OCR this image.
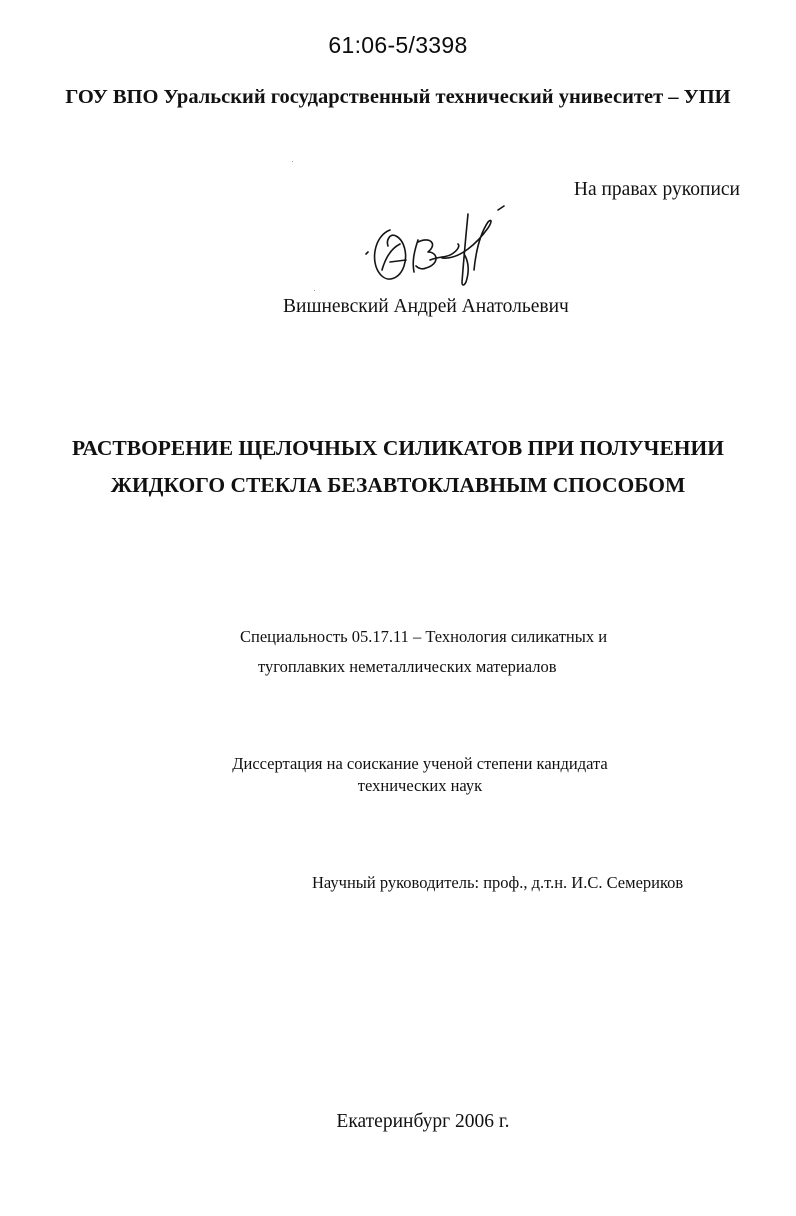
61:06-5/3398
ГОУ ВПО Уральский государственный технический унивеситет – УПИ
На правах рукописи
Вишневский Андрей Анатольевич
РАСТВОРЕНИЕ ЩЕЛОЧНЫХ СИЛИКАТОВ ПРИ ПОЛУЧЕНИИ
ЖИДКОГО СТЕКЛА БЕЗАВТОКЛАВНЫМ СПОСОБОМ
Специальность 05.17.11 – Технология силикатных и
тугоплавких неметаллических материалов
Диссертация на соискание ученой степени кандидата
технических наук
Научный руководитель: проф., д.т.н. И.С. Семериков
Екатеринбург 2006 г.
